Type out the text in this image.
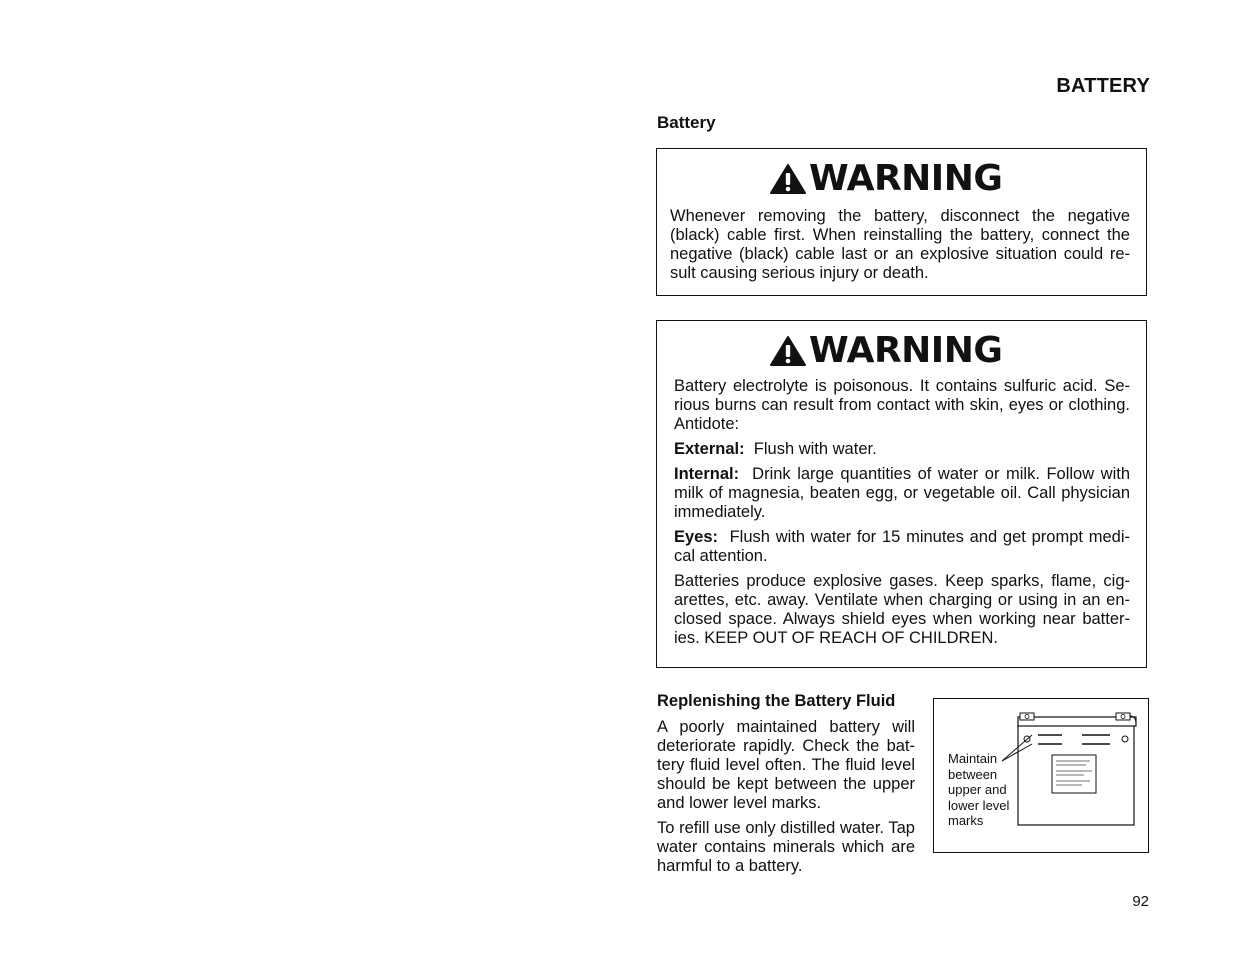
BATTERY
Battery
WARNING

Whenever removing the battery, disconnect the negative (black) cable first. When reinstalling the battery, connect the negative (black) cable last or an explosive situation could re-sult causing serious injury or death.

WARNING

Battery electrolyte is poisonous. It contains sulfuric acid. Se-rious burns can result from contact with skin, eyes or clothing. Antidote:

External: Flush with water.

Internal: Drink large quantities of water or milk. Follow with milk of magnesia, beaten egg, or vegetable oil. Call physician immediately.

Eyes: Flush with water for 15 minutes and get prompt medi-cal attention.

Batteries produce explosive gases. Keep sparks, flame, cig-arettes, etc. away. Ventilate when charging or using in an en-closed space. Always shield eyes when working near batter-ies. KEEP OUT OF REACH OF CHILDREN.

Replenishing the Battery Fluid

A poorly maintained battery will deteriorate rapidly. Check the bat-tery fluid level often. The fluid level should be kept between the upper and lower level marks.

To refill use only distilled water. Tap water contains minerals which are harmful to a battery.

Maintain between upper and lower level marks
92
